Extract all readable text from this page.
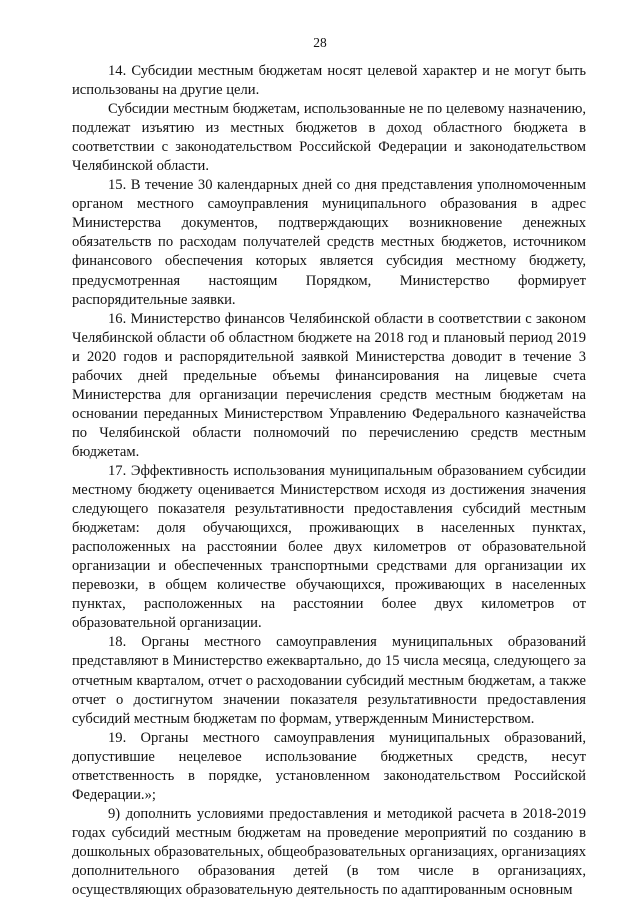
28

14. Субсидии местным бюджетам носят целевой характер и не могут быть использованы на другие цели.

Субсидии местным бюджетам, использованные не по целевому назначению, подлежат изъятию из местных бюджетов в доход областного бюджета в соответствии с законодательством Российской Федерации и законодательством Челябинской области.

15. В течение 30 календарных дней со дня представления уполномоченным органом местного самоуправления муниципального образования в адрес Министерства документов, подтверждающих возникновение денежных обязательств по расходам получателей средств местных бюджетов, источником финансового обеспечения которых является субсидия местному бюджету, предусмотренная настоящим Порядком, Министерство формирует распорядительные заявки.

16. Министерство финансов Челябинской области в соответствии с законом Челябинской области об областном бюджете на 2018 год и плановый период 2019 и 2020 годов и распорядительной заявкой Министерства доводит в течение 3 рабочих дней предельные объемы финансирования на лицевые счета Министерства для организации перечисления средств местным бюджетам на основании переданных Министерством Управлению Федерального казначейства по Челябинской области полномочий по перечислению средств местным бюджетам.

17. Эффективность использования муниципальным образованием субсидии местному бюджету оценивается Министерством исходя из достижения значения следующего показателя результативности предоставления субсидий местным бюджетам: доля обучающихся, проживающих в населенных пунктах, расположенных на расстоянии более двух километров от образовательной организации и обеспеченных транспортными средствами для организации их перевозки, в общем количестве обучающихся, проживающих в населенных пунктах, расположенных на расстоянии более двух километров от образовательной организации.

18. Органы местного самоуправления муниципальных образований представляют в Министерство ежеквартально, до 15 числа месяца, следующего за отчетным кварталом, отчет о расходовании субсидий местным бюджетам, а также отчет о достигнутом значении показателя результативности предоставления субсидий местным бюджетам по формам, утвержденным Министерством.

19. Органы местного самоуправления муниципальных образований, допустившие нецелевое использование бюджетных средств, несут ответственность в порядке, установленном законодательством Российской Федерации.»;

9) дополнить условиями предоставления и методикой расчета в 2018-2019 годах субсидий местным бюджетам на проведение мероприятий по созданию в дошкольных образовательных, общеобразовательных организациях, организациях дополнительного образования детей (в том числе в организациях, осуществляющих образовательную деятельность по адаптированным основным
